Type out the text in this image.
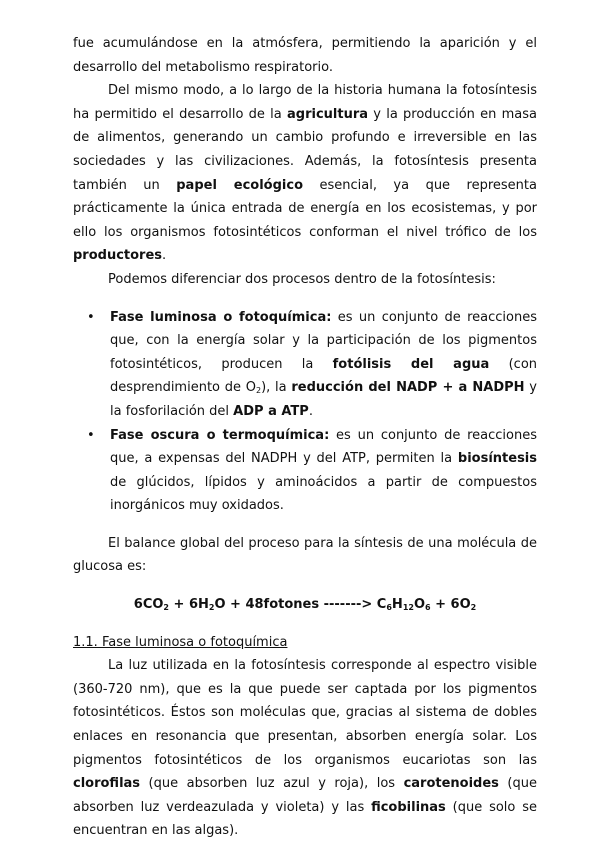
fue acumulándose en la atmósfera, permitiendo la aparición y el desarrollo del metabolismo respiratorio.

Del mismo modo, a lo largo de la historia humana la fotosíntesis ha permitido el desarrollo de la agricultura y la producción en masa de alimentos, generando un cambio profundo e irreversible en las sociedades y las civilizaciones. Además, la fotosíntesis presenta también un papel ecológico esencial, ya que representa prácticamente la única entrada de energía en los ecosistemas, y por ello los organismos fotosintéticos conforman el nivel trófico de los productores.

Podemos diferenciar dos procesos dentro de la fotosíntesis:

• Fase luminosa o fotoquímica: es un conjunto de reacciones que, con la energía solar y la participación de los pigmentos fotosintéticos, producen la fotólisis del agua (con desprendimiento de $O_2$), la reducción del NADP + a NADPH y la fosforilación del ADP a ATP.
• Fase oscura o termoquímica: es un conjunto de reacciones que, a expensas del NADPH y del ATP, permiten la biosíntesis de glúcidos, lípidos y aminoácidos a partir de compuestos inorgánicos muy oxidados.

El balance global del proceso para la síntesis de una molécula de glucosa es:

$6CO_2 + 6H_2O$ + 48fotones -------> $C_6H_{12}O_6 + 6O_2$

1.1. Fase luminosa o fotoquímica

La luz utilizada en la fotosíntesis corresponde al espectro visible (360-720 nm), que es la que puede ser captada por los pigmentos fotosintéticos. Éstos son moléculas que, gracias al sistema de dobles enlaces en resonancia que presentan, absorben energía solar. Los pigmentos fotosintéticos de los organismos eucariotas son las clorofilas (que absorben luz azul y roja), los carotenoides (que absorben luz verdeazulada y violeta) y las ficobilinas (que solo se encuentran en las algas).
